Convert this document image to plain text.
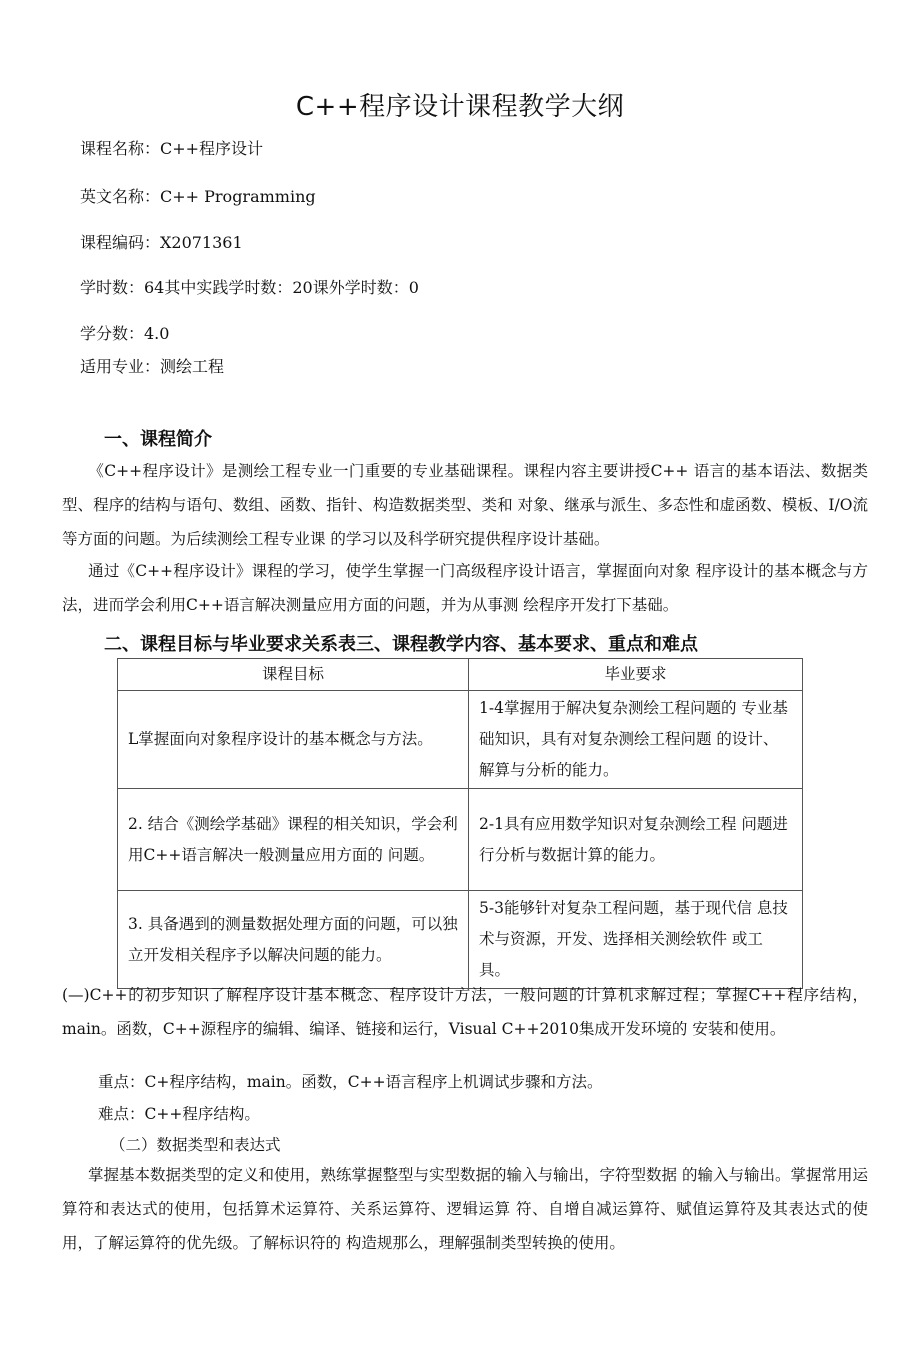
C++程序设计课程教学大纲
课程名称：C++程序设计
英文名称：C++ Programming
课程编码：X2071361
学时数：64其中实践学时数：20课外学时数：0
学分数：4.0
适用专业：测绘工程
一、课程简介
《C++程序设计》是测绘工程专业一门重要的专业基础课程。课程内容主要讲授C++ 语言的基本语法、数据类型、程序的结构与语句、数组、函数、指针、构造数据类型、类和 对象、继承与派生、多态性和虚函数、模板、I/O流等方面的问题。为后续测绘工程专业课 的学习以及科学研究提供程序设计基础。
通过《C++程序设计》课程的学习，使学生掌握一门高级程序设计语言，掌握面向对象 程序设计的基本概念与方法，进而学会利用C++语言解决测量应用方面的问题，并为从事测 绘程序开发打下基础。
二、课程目标与毕业要求关系表三、课程教学内容、基本要求、重点和难点
课程目标	毕业要求
L掌握面向对象程序设计的基本概念与方法。	1-4掌握用于解决复杂测绘工程问题的 专业基础知识，具有对复杂测绘工程问题 的设计、解算与分析的能力。
2. 结合《测绘学基础》课程的相关知识，学会利用C++语言解决一般测量应用方面的 问题。	2-1具有应用数学知识对复杂测绘工程 问题进行分析与数据计算的能力。
3. 具备遇到的测量数据处理方面的问题，可以独立开发相关程序予以解决问题的能力。	5-3能够针对复杂工程问题，基于现代信 息技术与资源，开发、选择相关测绘软件 或工具。
(—)C++的初步知识了解程序设计基本概念、程序设计方法，一般问题的计算机求解过程；掌握C++程序结构，main。函数，C++源程序的编辑、编译、链接和运行，Visual C++2010集成开发环境的 安装和使用。
重点：C+程序结构，main。函数，C++语言程序上机调试步骤和方法。
难点：C++程序结构。
（二）数据类型和表达式
掌握基本数据类型的定义和使用，熟练掌握整型与实型数据的输入与输出，字符型数据 的输入与输出。掌握常用运算符和表达式的使用，包括算术运算符、关系运算符、逻辑运算 符、自增自减运算符、赋值运算符及其表达式的使用，了解运算符的优先级。了解标识符的 构造规那么，理解强制类型转换的使用。
